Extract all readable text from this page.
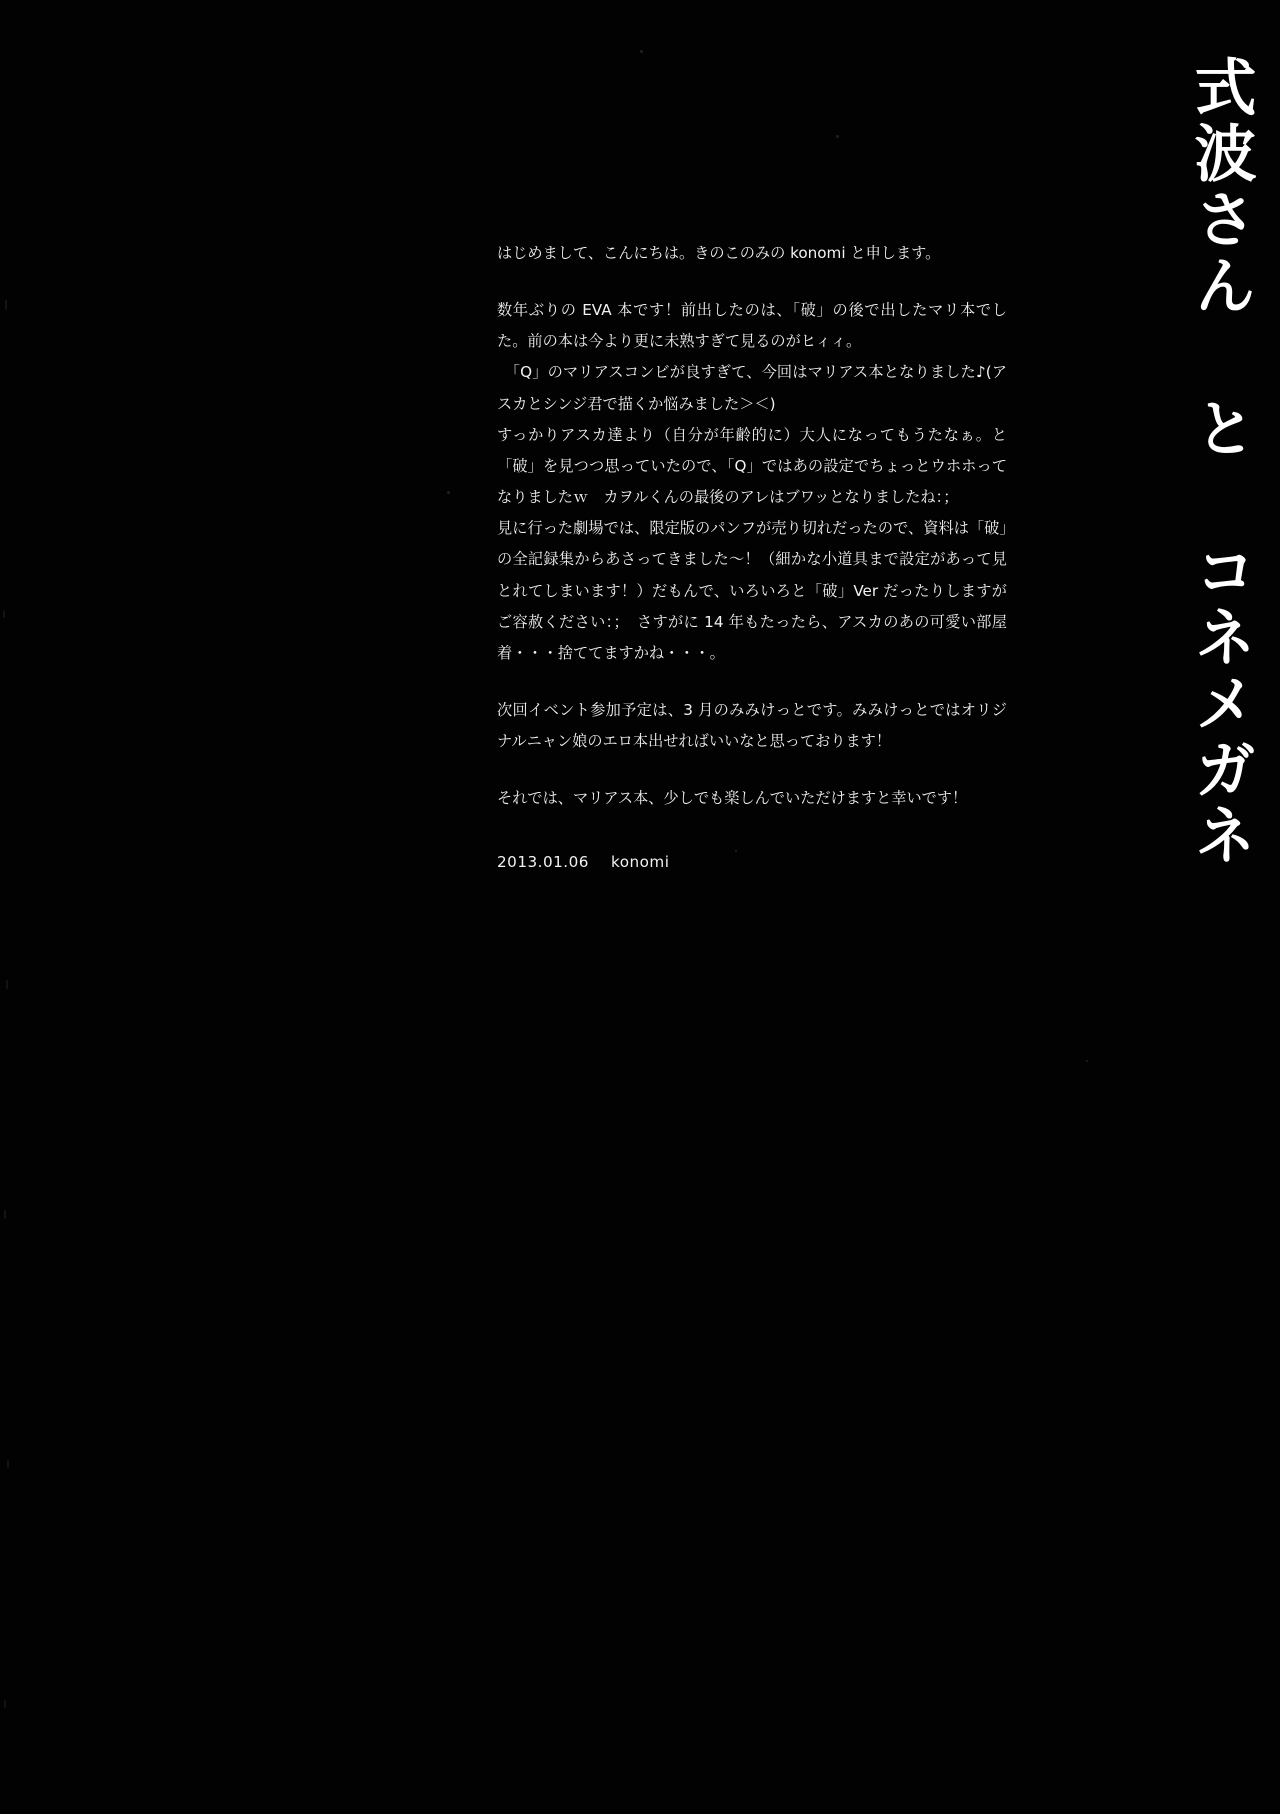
式波さん と コネメガネ

はじめまして、こんにちは。きのこのみの konomi と申します。

数年ぶりの EVA 本です！前出したのは、「破」の後で出したマリ本でした。前の本は今より更に未熟すぎて見るのがヒィィ。

　「Q」のマリアスコンビが良すぎて、今回はマリアス本となりました♪(アスカとシンジ君で描くか悩みました＞＜)

すっかりアスカ達より（自分が年齢的に）大人になってもうたなぁ。と「破」を見つつ思っていたので、「Q」ではあの設定でちょっとウホホってなりましたｗ　カヲルくんの最後のアレはブワッとなりましたね：；

見に行った劇場では、限定版のパンフが売り切れだったので、資料は「破」の全記録集からあさってきました〜！（細かな小道具まで設定があって見とれてしまいます！）だもんで、いろいろと「破」Ver だったりしますがご容赦ください：；　さすがに 14 年もたったら、アスカのあの可愛い部屋着・・・捨ててますかね・・・。

次回イベント参加予定は、3 月のみみけっとです。みみけっとではオリジナルニャン娘のエロ本出せればいいなと思っております！

それでは、マリアス本、少しでも楽しんでいただけますと幸いです！

2013.01.06 konomi
